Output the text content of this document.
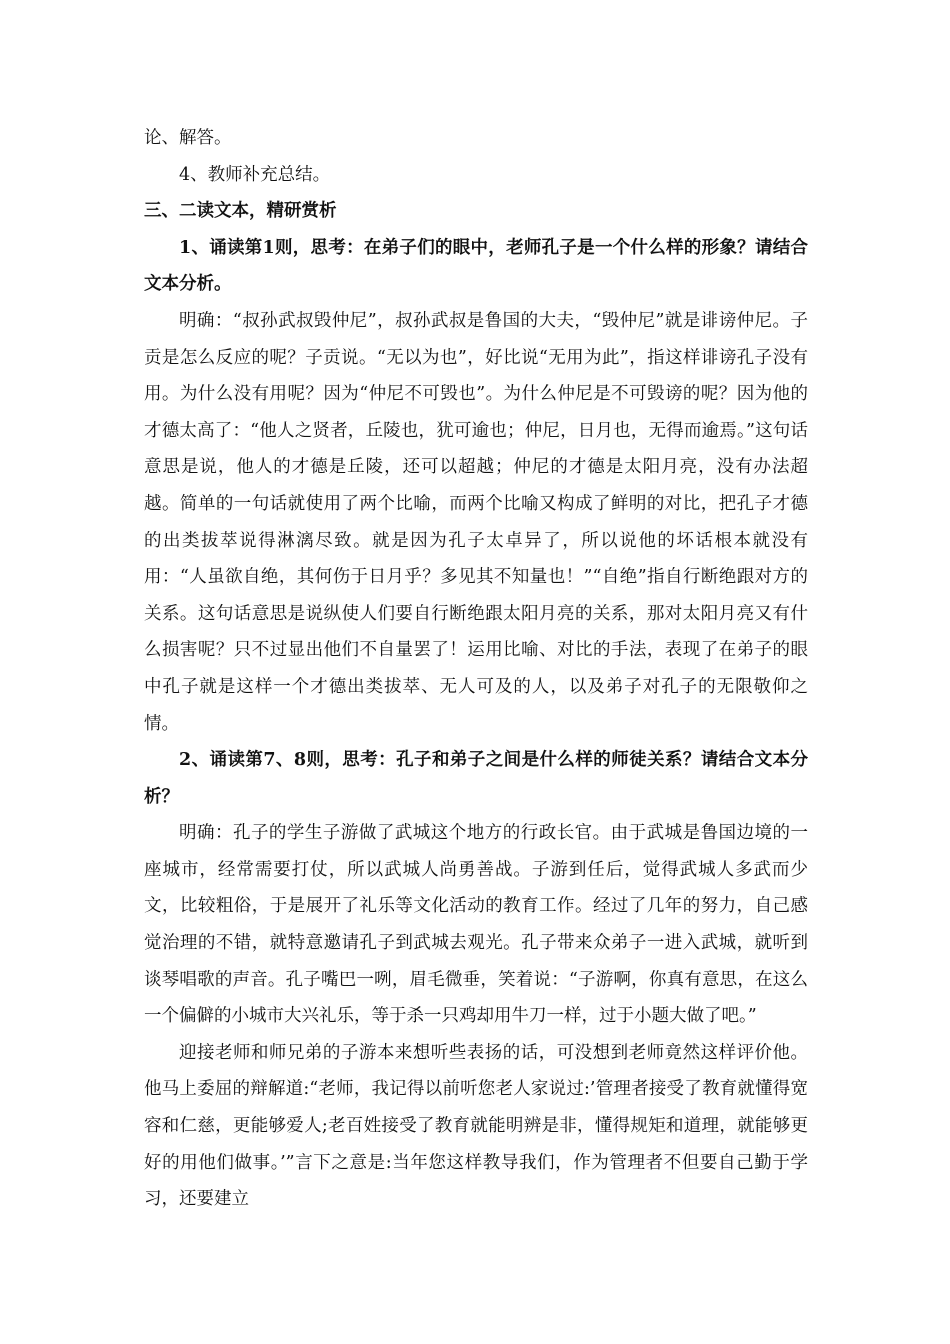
论、解答。

4、教师补充总结。

三、二读文本，精研赏析

1、诵读第1则，思考：在弟子们的眼中，老师孔子是一个什么样的形象？请结合文本分析。

明确：“叔孙武叔毁仲尼”，叔孙武叔是鲁国的大夫，“毁仲尼”就是诽谤仲尼。子贡是怎么反应的呢？子贡说。“无以为也”，好比说“无用为此”，指这样诽谤孔子没有用。为什么没有用呢？因为“仲尼不可毁也”。为什么仲尼是不可毁谤的呢？因为他的才德太高了：“他人之贤者，丘陵也，犹可逾也；仲尼，日月也，无得而逾焉。”这句话意思是说，他人的才德是丘陵，还可以超越；仲尼的才德是太阳月亮，没有办法超越。简单的一句话就使用了两个比喻，而两个比喻又构成了鲜明的对比，把孔子才德的出类拔萃说得淋漓尽致。就是因为孔子太卓异了，所以说他的坏话根本就没有用：“人虽欲自绝，其何伤于日月乎？多见其不知量也！”“自绝”指自行断绝跟对方的关系。这句话意思是说纵使人们要自行断绝跟太阳月亮的关系，那对太阳月亮又有什么损害呢？只不过显出他们不自量罢了！运用比喻、对比的手法，表现了在弟子的眼中孔子就是这样一个才德出类拔萃、无人可及的人，以及弟子对孔子的无限敬仰之情。

2、诵读第7、8则，思考：孔子和弟子之间是什么样的师徒关系？请结合文本分析？

明确：孔子的学生子游做了武城这个地方的行政长官。由于武城是鲁国边境的一座城市，经常需要打仗，所以武城人尚勇善战。子游到任后，觉得武城人多武而少文，比较粗俗，于是展开了礼乐等文化活动的教育工作。经过了几年的努力，自己感觉治理的不错，就特意邀请孔子到武城去观光。孔子带来众弟子一进入武城，就听到谈琴唱歌的声音。孔子嘴巴一咧，眉毛微垂，笑着说：“子游啊，你真有意思，在这么一个偏僻的小城市大兴礼乐，等于杀一只鸡却用牛刀一样，过于小题大做了吧。”

迎接老师和师兄弟的子游本来想听些表扬的话，可没想到老师竟然这样评价他。他马上委屈的辩解道:“老师，我记得以前听您老人家说过:’管理者接受了教育就懂得宽容和仁慈，更能够爱人;老百姓接受了教育就能明辨是非，懂得规矩和道理，就能够更好的用他们做事。’”言下之意是:当年您这样教导我们，作为管理者不但要自己勤于学习，还要建立
